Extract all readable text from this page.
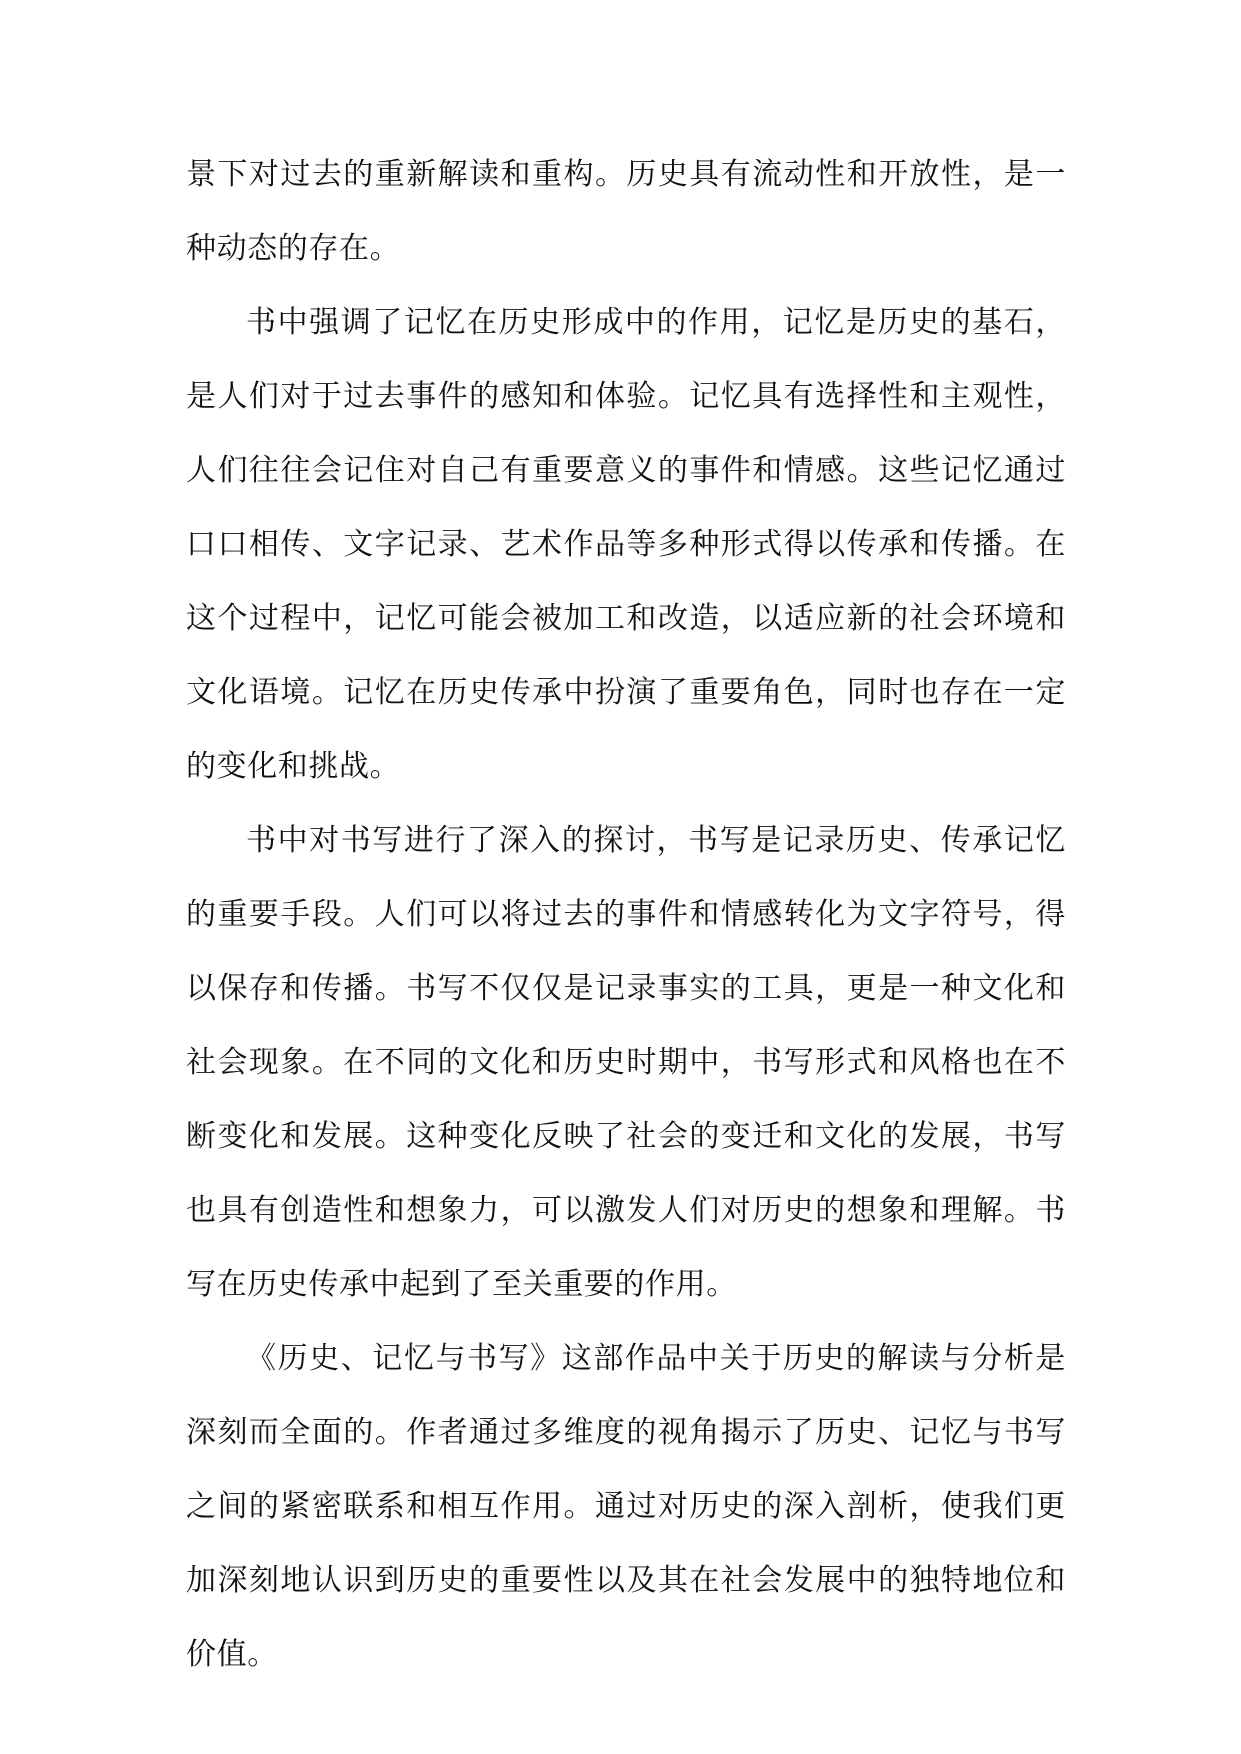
景下对过去的重新解读和重构。历史具有流动性和开放性，是一种动态的存在。

书中强调了记忆在历史形成中的作用，记忆是历史的基石，是人们对于过去事件的感知和体验。记忆具有选择性和主观性，人们往往会记住对自己有重要意义的事件和情感。这些记忆通过口口相传、文字记录、艺术作品等多种形式得以传承和传播。在这个过程中，记忆可能会被加工和改造，以适应新的社会环境和文化语境。记忆在历史传承中扮演了重要角色，同时也存在一定的变化和挑战。

书中对书写进行了深入的探讨，书写是记录历史、传承记忆的重要手段。人们可以将过去的事件和情感转化为文字符号，得以保存和传播。书写不仅仅是记录事实的工具，更是一种文化和社会现象。在不同的文化和历史时期中，书写形式和风格也在不断变化和发展。这种变化反映了社会的变迁和文化的发展，书写也具有创造性和想象力，可以激发人们对历史的想象和理解。书写在历史传承中起到了至关重要的作用。

《历史、记忆与书写》这部作品中关于历史的解读与分析是深刻而全面的。作者通过多维度的视角揭示了历史、记忆与书写之间的紧密联系和相互作用。通过对历史的深入剖析，使我们更加深刻地认识到历史的重要性以及其在社会发展中的独特地位和价值。
